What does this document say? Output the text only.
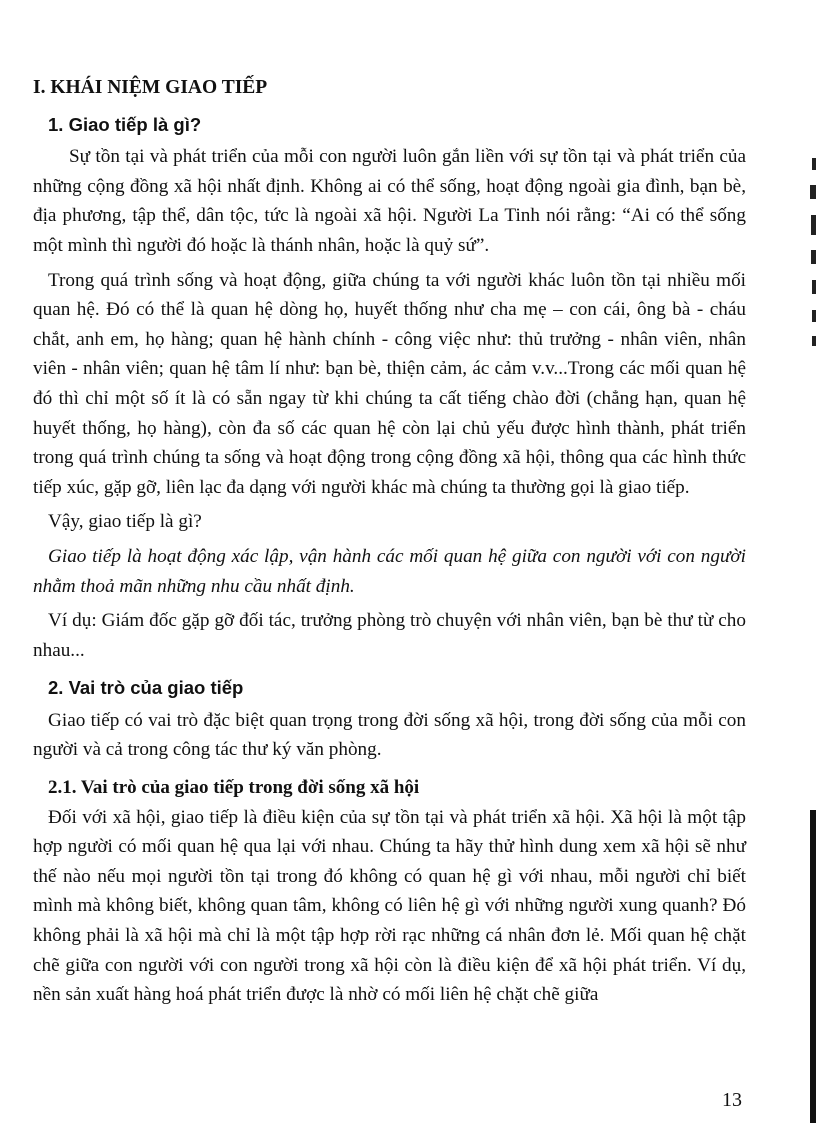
I. KHÁI NIỆM GIAO TIẾP

1. Giao tiếp là gì?

Sự tồn tại và phát triển của mỗi con người luôn gắn liền với sự tồn tại và phát triển của những cộng đồng xã hội nhất định. Không ai có thể sống, hoạt động ngoài gia đình, bạn bè, địa phương, tập thể, dân tộc, tức là ngoài xã hội. Người La Tinh nói rằng: “Ai có thể sống một mình thì người đó hoặc là thánh nhân, hoặc là quỷ sứ”.

Trong quá trình sống và hoạt động, giữa chúng ta với người khác luôn tồn tại nhiều mối quan hệ. Đó có thể là quan hệ dòng họ, huyết thống như cha mẹ – con cái, ông bà - cháu chắt, anh em, họ hàng; quan hệ hành chính - công việc như: thủ trưởng - nhân viên, nhân viên - nhân viên; quan hệ tâm lí như: bạn bè, thiện cảm, ác cảm v.v...Trong các mối quan hệ đó thì chỉ một số ít là có sẵn ngay từ khi chúng ta cất tiếng chào đời (chẳng hạn, quan hệ huyết thống, họ hàng), còn đa số các quan hệ còn lại chủ yếu được hình thành, phát triển trong quá trình chúng ta sống và hoạt động trong cộng đồng xã hội, thông qua các hình thức tiếp xúc, gặp gỡ, liên lạc đa dạng với người khác mà chúng ta thường gọi là giao tiếp.

Vậy, giao tiếp là gì?

Giao tiếp là hoạt động xác lập, vận hành các mối quan hệ giữa con người với con người nhằm thoả mãn những nhu cầu nhất định.

Ví dụ: Giám đốc gặp gỡ đối tác, trưởng phòng trò chuyện với nhân viên, bạn bè thư từ cho nhau...

2. Vai trò của giao tiếp

Giao tiếp có vai trò đặc biệt quan trọng trong đời sống xã hội, trong đời sống của mỗi con người và cả trong công tác thư ký văn phòng.

2.1. Vai trò của giao tiếp trong đời sống xã hội

Đối với xã hội, giao tiếp là điều kiện của sự tồn tại và phát triển xã hội. Xã hội là một tập hợp người có mối quan hệ qua lại với nhau. Chúng ta hãy thử hình dung xem xã hội sẽ như thế nào nếu mọi người tồn tại trong đó không có quan hệ gì với nhau, mỗi người chỉ biết mình mà không biết, không quan tâm, không có liên hệ gì với những người xung quanh? Đó không phải là xã hội mà chỉ là một tập hợp rời rạc những cá nhân đơn lẻ. Mối quan hệ chặt chẽ giữa con người với con người trong xã hội còn là điều kiện để xã hội phát triển. Ví dụ, nền sản xuất hàng hoá phát triển được là nhờ có mối liên hệ chặt chẽ giữa

13
